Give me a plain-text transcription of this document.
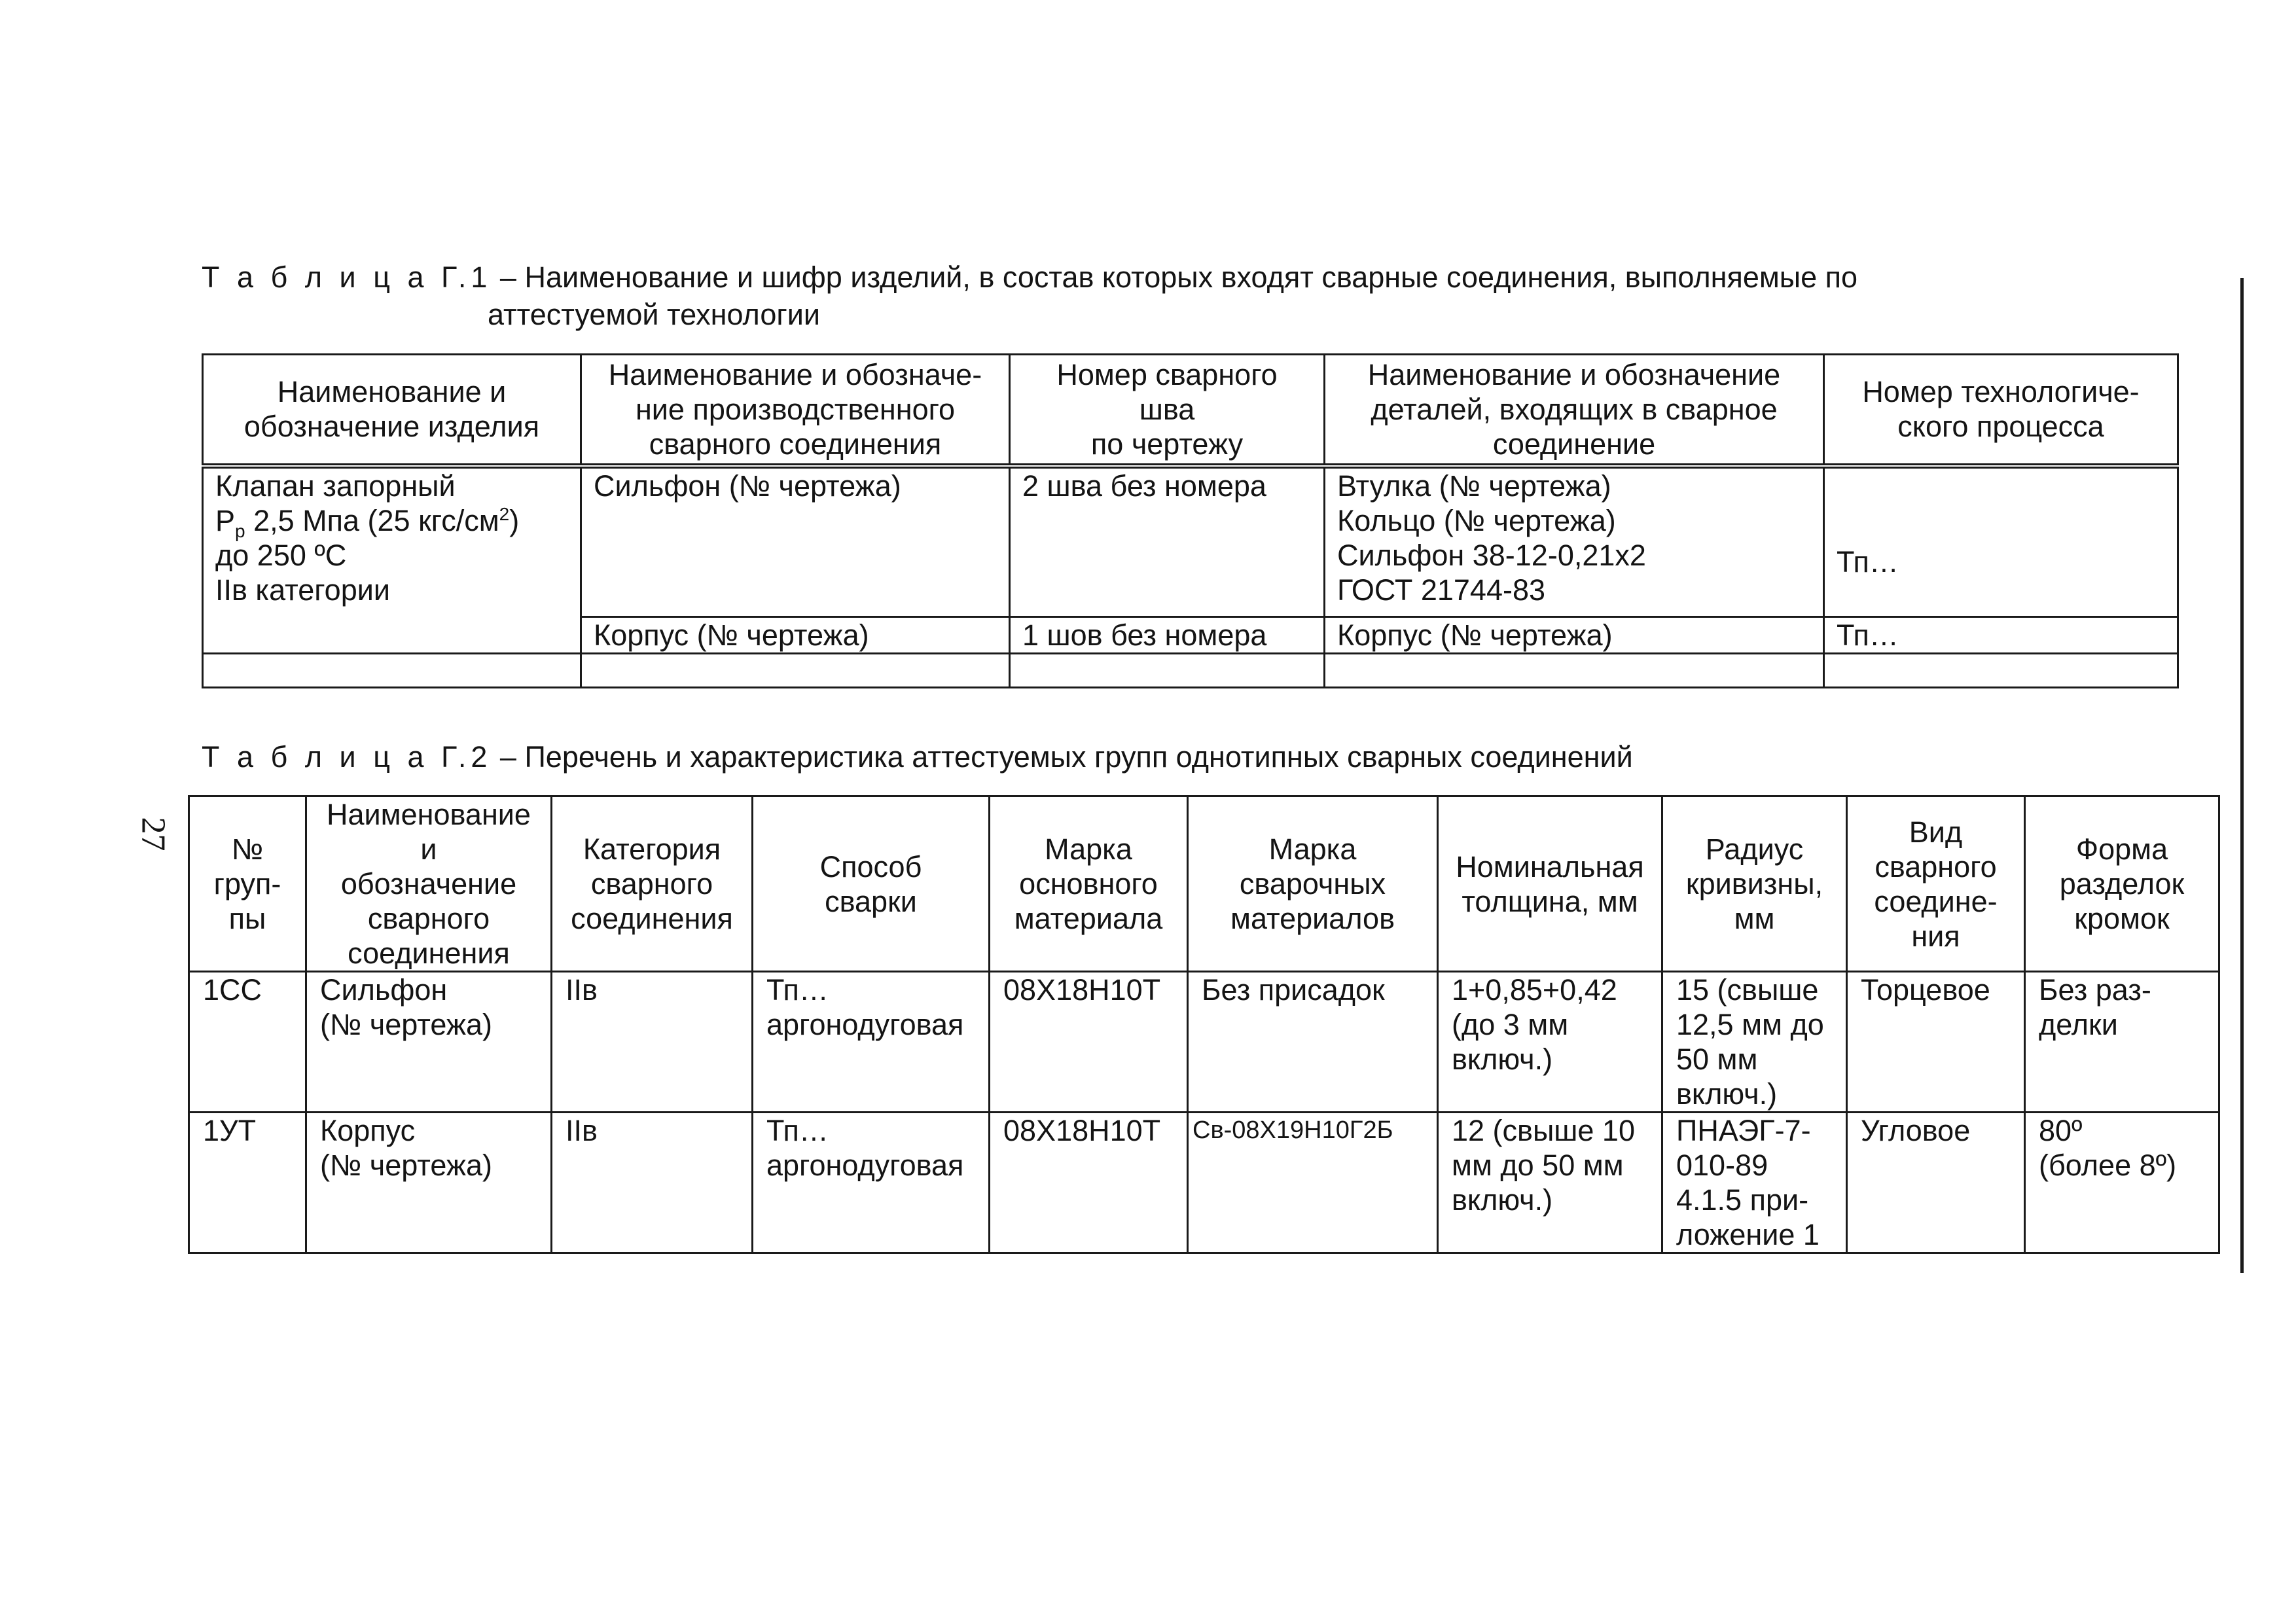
27

Т а б л и ц а Г.1 – Наименование и шифр изделий, в состав которых входят сварные соединения, выполняемые по
аттестуемой технологии

Наименование и
обозначение изделия	Наименование и обозначе-
ние производственного
сварного соединения	Номер сварного
шва
по чертежу	Наименование и обозначение
деталей, входящих в сварное
соединение	Номер технологиче-
ского процесса

Клапан запорный
$P_р$ 2,5 Мпа (25 кгс/$см^2$)
до 250 ºС
IIв категории	Сильфон (№ чертежа)	2 шва без номера	Втулка (№ чертежа)
Кольцо (№ чертежа)
Сильфон 38-12-0,21х2
ГОСТ 21744-83	Тп…

	Корпус (№ чертежа)	1 шов без номера	Корпус (№ чертежа)	Тп…

Т а б л и ц а Г.2 – Перечень и характеристика аттестуемых групп однотипных сварных соединений

№
груп-
пы	Наименование
и
обозначение
сварного
соединения	Категория
сварного
соединения	Способ
сварки	Марка
основного
материала	Марка
сварочных
материалов	Номинальная
толщина, мм	Радиус
кривизны,
мм	Вид
сварного
соедине-
ния	Форма
разделок
кромок

1СС	Сильфон
(№ чертежа)	IIв	Тп…
аргонодуговая	08Х18Н10Т	Без присадок	1+0,85+0,42
(до 3 мм
включ.)	15 (свыше
12,5 мм до
50 мм
включ.)	Торцевое	Без раз-
делки

1УТ	Корпус
(№ чертежа)	IIв	Тп…
аргонодуговая	08Х18Н10Т	Св-08Х19Н10Г2Б	12 (свыше 10
мм до 50 мм
включ.)	ПНАЭГ-7-
010-89
4.1.5 при-
ложение 1	Угловое	80º
(более 8º)
